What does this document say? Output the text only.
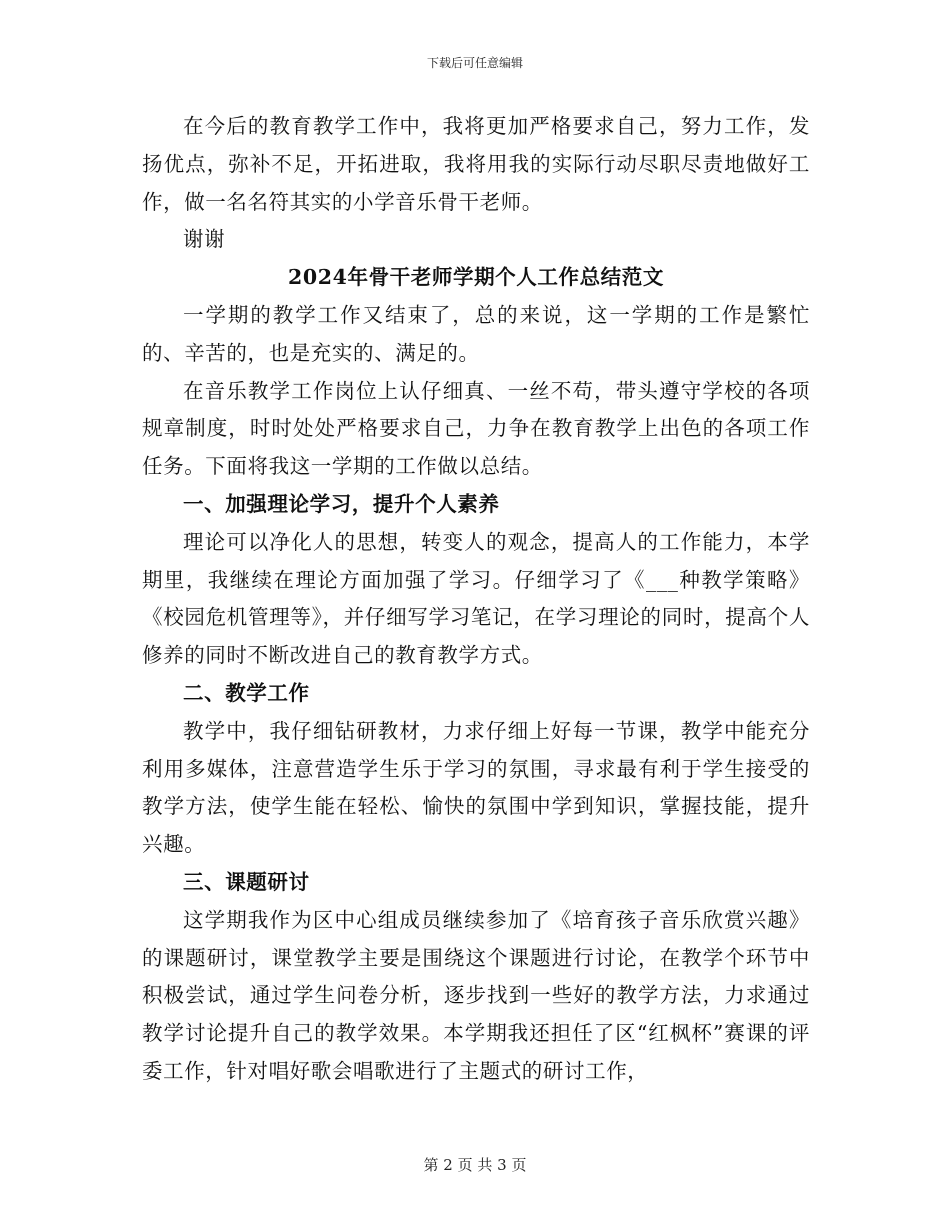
下载后可任意编辑

在今后的教育教学工作中，我将更加严格要求自己，努力工作，发扬优点，弥补不足，开拓进取，我将用我的实际行动尽职尽责地做好工作，做一名名符其实的小学音乐骨干老师。

谢谢

2024年骨干老师学期个人工作总结范文

一学期的教学工作又结束了，总的来说，这一学期的工作是繁忙的、辛苦的，也是充实的、满足的。

在音乐教学工作岗位上认仔细真、一丝不苟，带头遵守学校的各项规章制度，时时处处严格要求自己，力争在教育教学上出色的各项工作任务。下面将我这一学期的工作做以总结。

一、加强理论学习，提升个人素养

理论可以净化人的思想，转变人的观念，提高人的工作能力，本学期里，我继续在理论方面加强了学习。仔细学习了《___种教学策略》《校园危机管理等》，并仔细写学习笔记，在学习理论的同时，提高个人修养的同时不断改进自己的教育教学方式。

二、教学工作

教学中，我仔细钻研教材，力求仔细上好每一节课，教学中能充分利用多媒体，注意营造学生乐于学习的氛围，寻求最有利于学生接受的教学方法，使学生能在轻松、愉快的氛围中学到知识，掌握技能，提升兴趣。

三、课题研讨

这学期我作为区中心组成员继续参加了《培育孩子音乐欣赏兴趣》的课题研讨，课堂教学主要是围绕这个课题进行讨论，在教学个环节中积极尝试，通过学生问卷分析，逐步找到一些好的教学方法，力求通过教学讨论提升自己的教学效果。本学期我还担任了区“红枫杯”赛课的评委工作，针对唱好歌会唱歌进行了主题式的研讨工作，

第 2 页 共 3 页
